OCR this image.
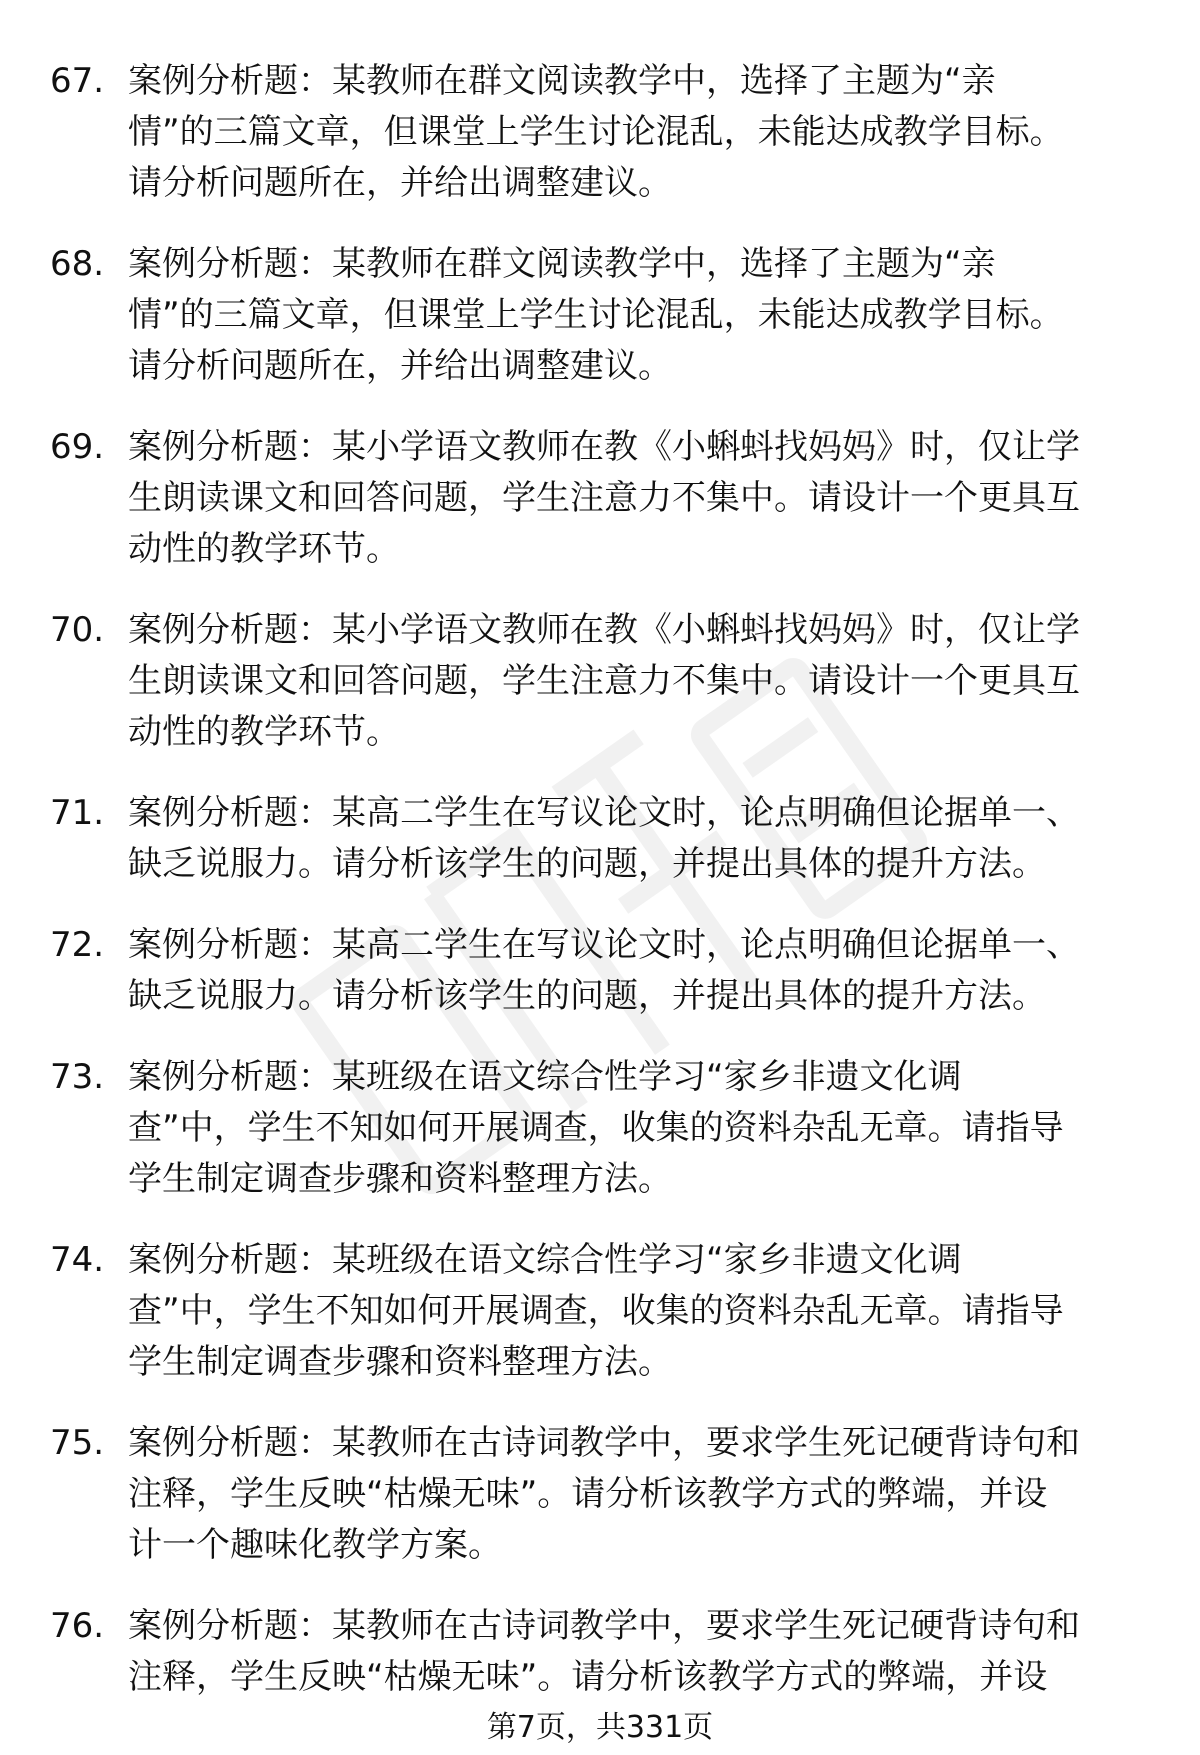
67. 案例分析题：某教师在群文阅读教学中，选择了主题为“亲
情”的三篇文章，但课堂上学生讨论混乱，未能达成教学目标。
请分析问题所在，并给出调整建议。
68. 案例分析题：某教师在群文阅读教学中，选择了主题为“亲
情”的三篇文章，但课堂上学生讨论混乱，未能达成教学目标。
请分析问题所在，并给出调整建议。
69. 案例分析题：某小学语文教师在教《小蝌蚪找妈妈》时，仅让学
生朗读课文和回答问题，学生注意力不集中。请设计一个更具互
动性的教学环节。
70. 案例分析题：某小学语文教师在教《小蝌蚪找妈妈》时，仅让学
生朗读课文和回答问题，学生注意力不集中。请设计一个更具互
动性的教学环节。
71. 案例分析题：某高二学生在写议论文时，论点明确但论据单一、
缺乏说服力。请分析该学生的问题，并提出具体的提升方法。
72. 案例分析题：某高二学生在写议论文时，论点明确但论据单一、
缺乏说服力。请分析该学生的问题，并提出具体的提升方法。
73. 案例分析题：某班级在语文综合性学习“家乡非遗文化调
查”中，学生不知如何开展调查，收集的资料杂乱无章。请指导
学生制定调查步骤和资料整理方法。
74. 案例分析题：某班级在语文综合性学习“家乡非遗文化调
查”中，学生不知如何开展调查，收集的资料杂乱无章。请指导
学生制定调查步骤和资料整理方法。
75. 案例分析题：某教师在古诗词教学中，要求学生死记硬背诗句和
注释，学生反映“枯燥无味”。请分析该教学方式的弊端，并设
计一个趣味化教学方案。
76. 案例分析题：某教师在古诗词教学中，要求学生死记硬背诗句和
注释，学生反映“枯燥无味”。请分析该教学方式的弊端，并设
第7页，共331页
